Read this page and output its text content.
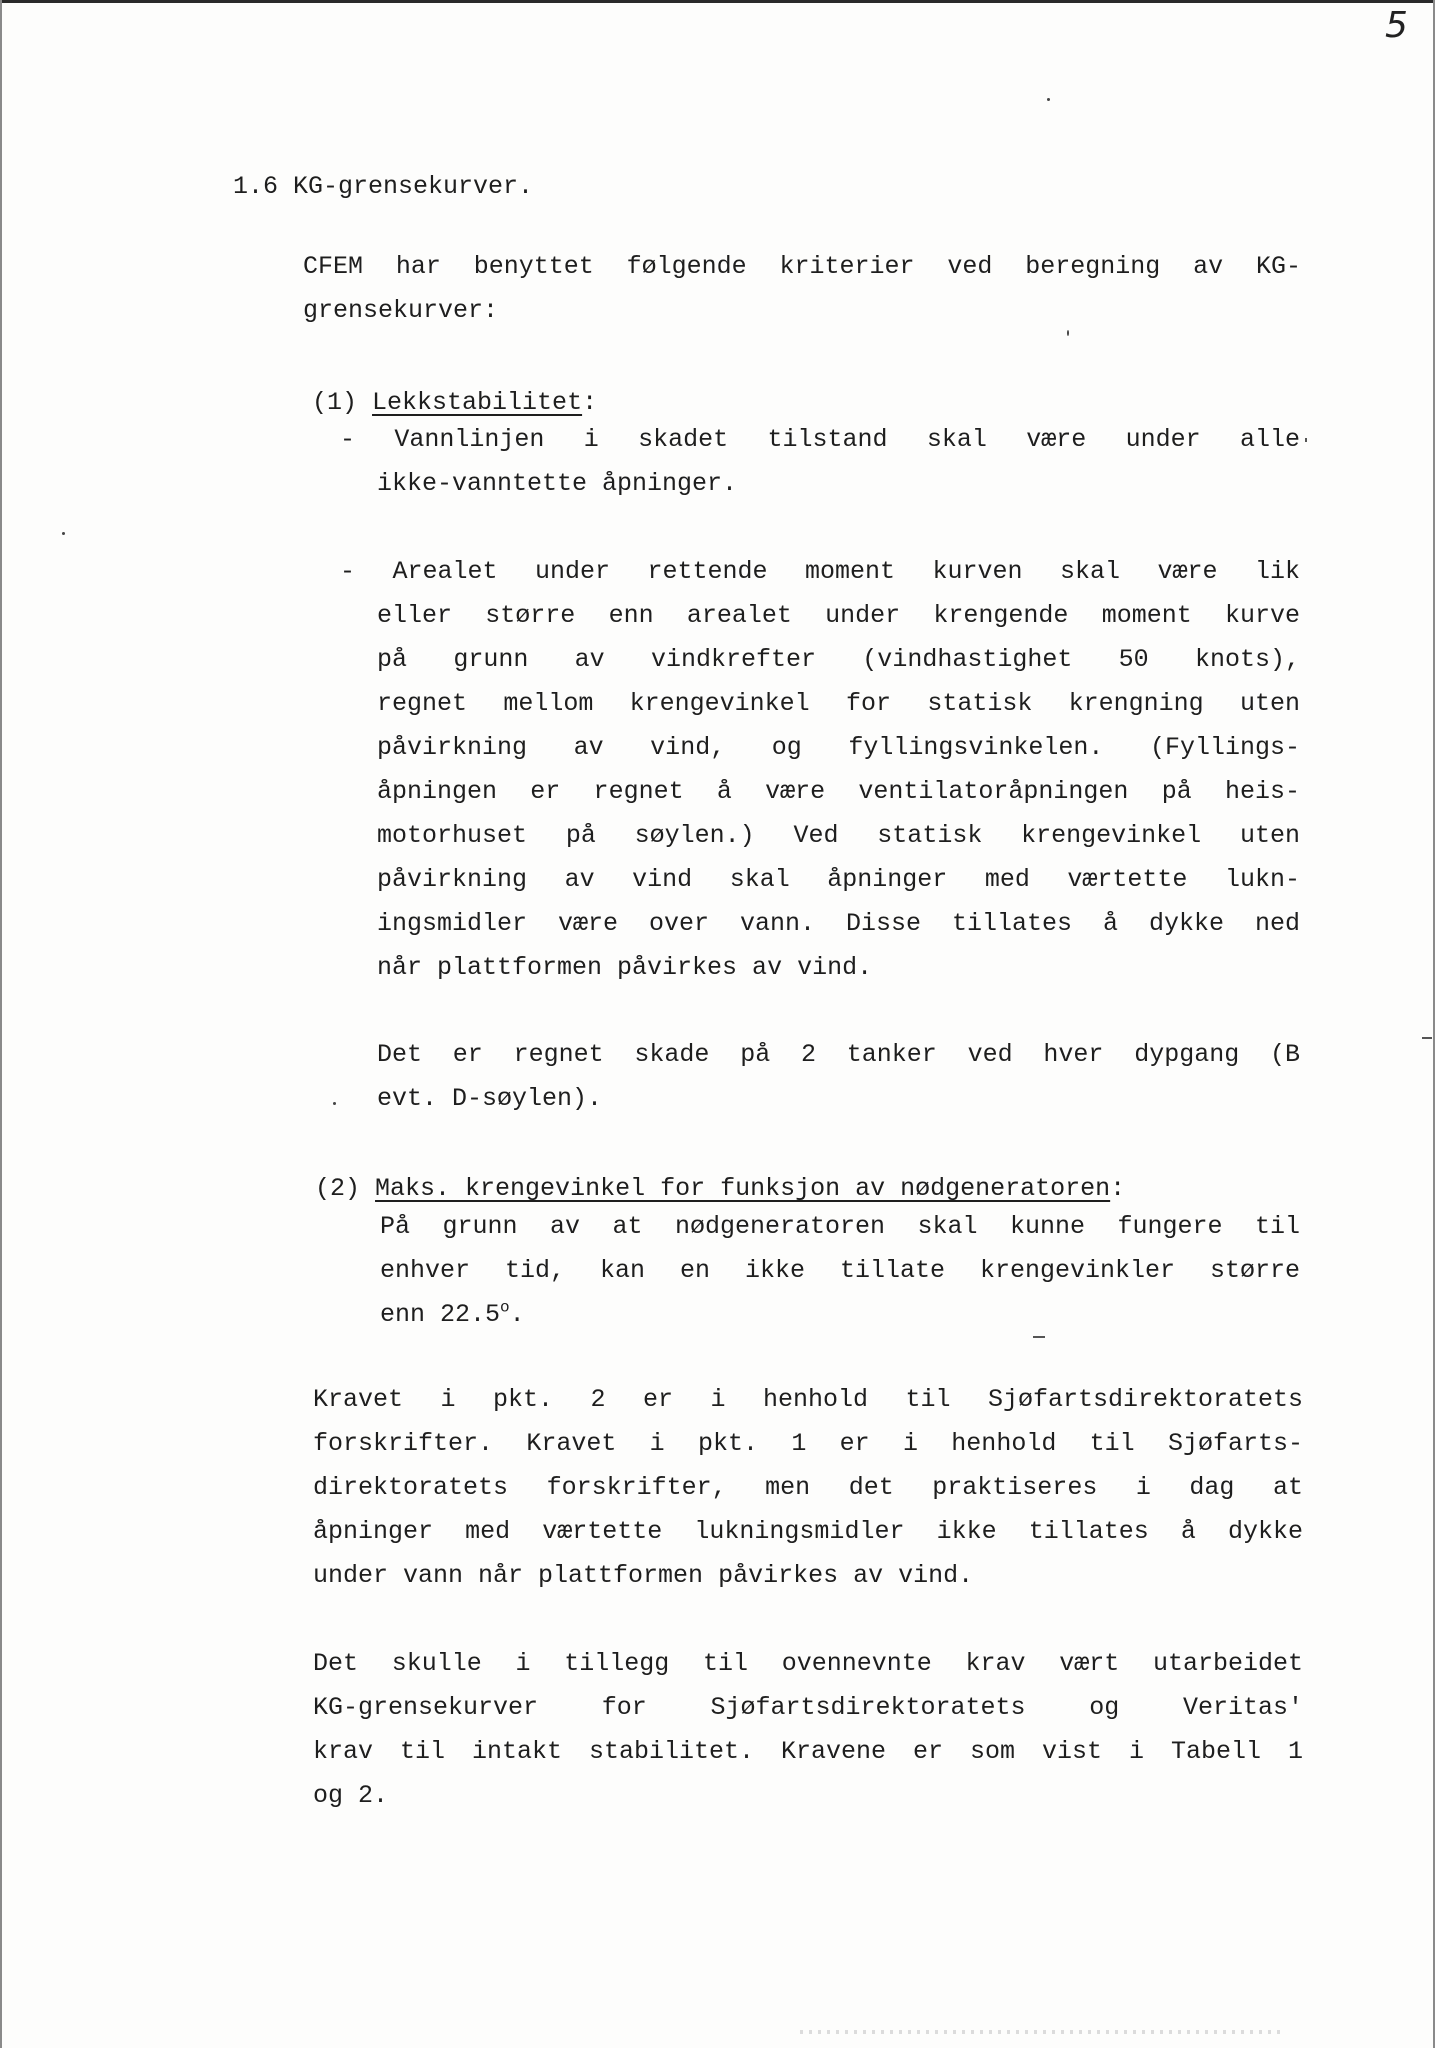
5
1.6 KG-grensekurver.
CFEM har benyttet følgende kriterier ved beregning av KG-
grensekurver:
(1) Lekkstabilitet:
- Vannlinjen i skadet tilstand skal være under alle
ikke-vanntette åpninger.
- Arealet under rettende moment kurven skal være lik
eller større enn arealet under krengende moment kurve
på grunn av vindkrefter (vindhastighet 50 knots),
regnet mellom krengevinkel for statisk krengning uten
påvirkning av vind, og fyllingsvinkelen. (Fyllings-
åpningen er regnet å være ventilatoråpningen på heis-
motorhuset på søylen.) Ved statisk krengevinkel uten
påvirkning av vind skal åpninger med værtette lukn-
ingsmidler være over vann. Disse tillates å dykke ned
når plattformen påvirkes av vind.
Det er regnet skade på 2 tanker ved hver dypgang (B
evt. D-søylen).
(2) Maks. krengevinkel for funksjon av nødgeneratoren:
På grunn av at nødgeneratoren skal kunne fungere til
enhver tid, kan en ikke tillate krengevinkler større
enn 22.5$^o$.
Kravet i pkt. 2 er i henhold til Sjøfartsdirektoratets
forskrifter. Kravet i pkt. 1 er i henhold til Sjøfarts-
direktoratets forskrifter, men det praktiseres i dag at
åpninger med værtette lukningsmidler ikke tillates å dykke
under vann når plattformen påvirkes av vind.
Det skulle i tillegg til ovennevnte krav vært utarbeidet
KG-grensekurver for Sjøfartsdirektoratets og Veritas'
krav til intakt stabilitet. Kravene er som vist i Tabell 1
og 2.
